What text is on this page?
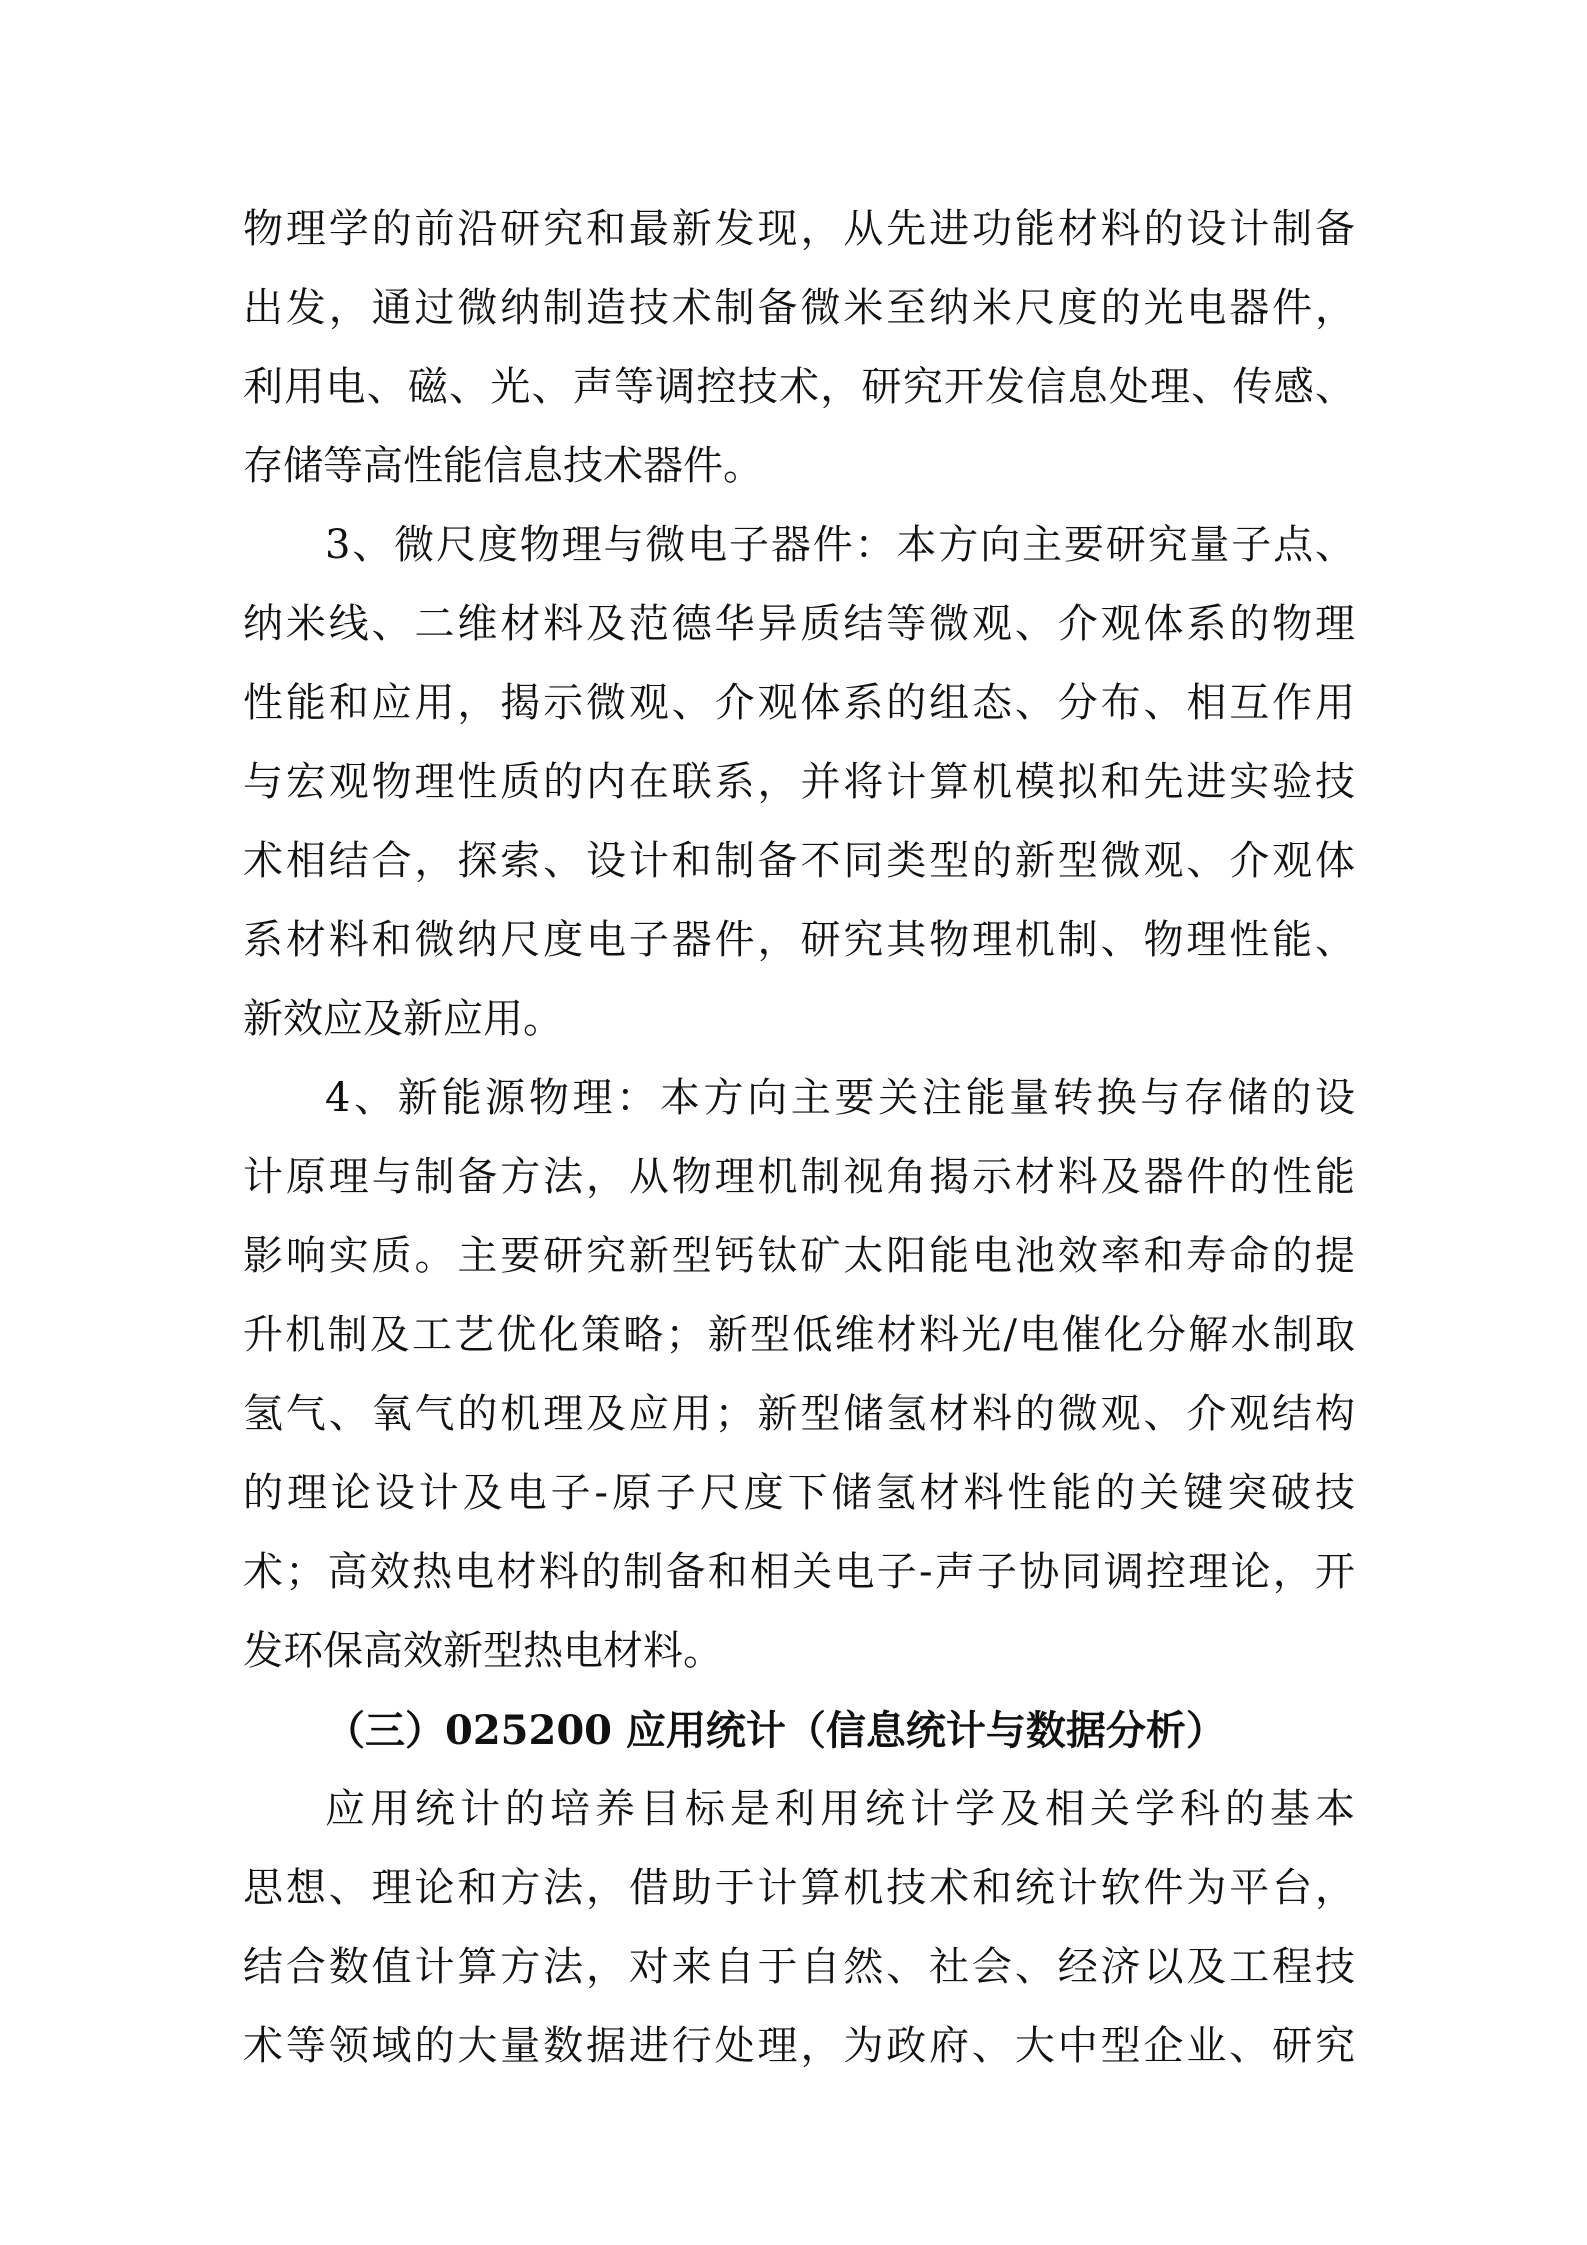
物理学的前沿研究和最新发现，从先进功能材料的设计制备
出发，通过微纳制造技术制备微米至纳米尺度的光电器件，
利用电、磁、光、声等调控技术，研究开发信息处理、传感、
存储等高性能信息技术器件。
3、微尺度物理与微电子器件：本方向主要研究量子点、
纳米线、二维材料及范德华异质结等微观、介观体系的物理
性能和应用，揭示微观、介观体系的组态、分布、相互作用
与宏观物理性质的内在联系，并将计算机模拟和先进实验技
术相结合，探索、设计和制备不同类型的新型微观、介观体
系材料和微纳尺度电子器件，研究其物理机制、物理性能、
新效应及新应用。
4、新能源物理：本方向主要关注能量转换与存储的设
计原理与制备方法，从物理机制视角揭示材料及器件的性能
影响实质。主要研究新型钙钛矿太阳能电池效率和寿命的提
升机制及工艺优化策略；新型低维材料光/电催化分解水制取
氢气、氧气的机理及应用；新型储氢材料的微观、介观结构
的理论设计及电子-原子尺度下储氢材料性能的关键突破技
术；高效热电材料的制备和相关电子-声子协同调控理论，开
发环保高效新型热电材料。
（三）025200 应用统计（信息统计与数据分析）
应用统计的培养目标是利用统计学及相关学科的基本
思想、理论和方法，借助于计算机技术和统计软件为平台，
结合数值计算方法，对来自于自然、社会、经济以及工程技
术等领域的大量数据进行处理，为政府、大中型企业、研究
